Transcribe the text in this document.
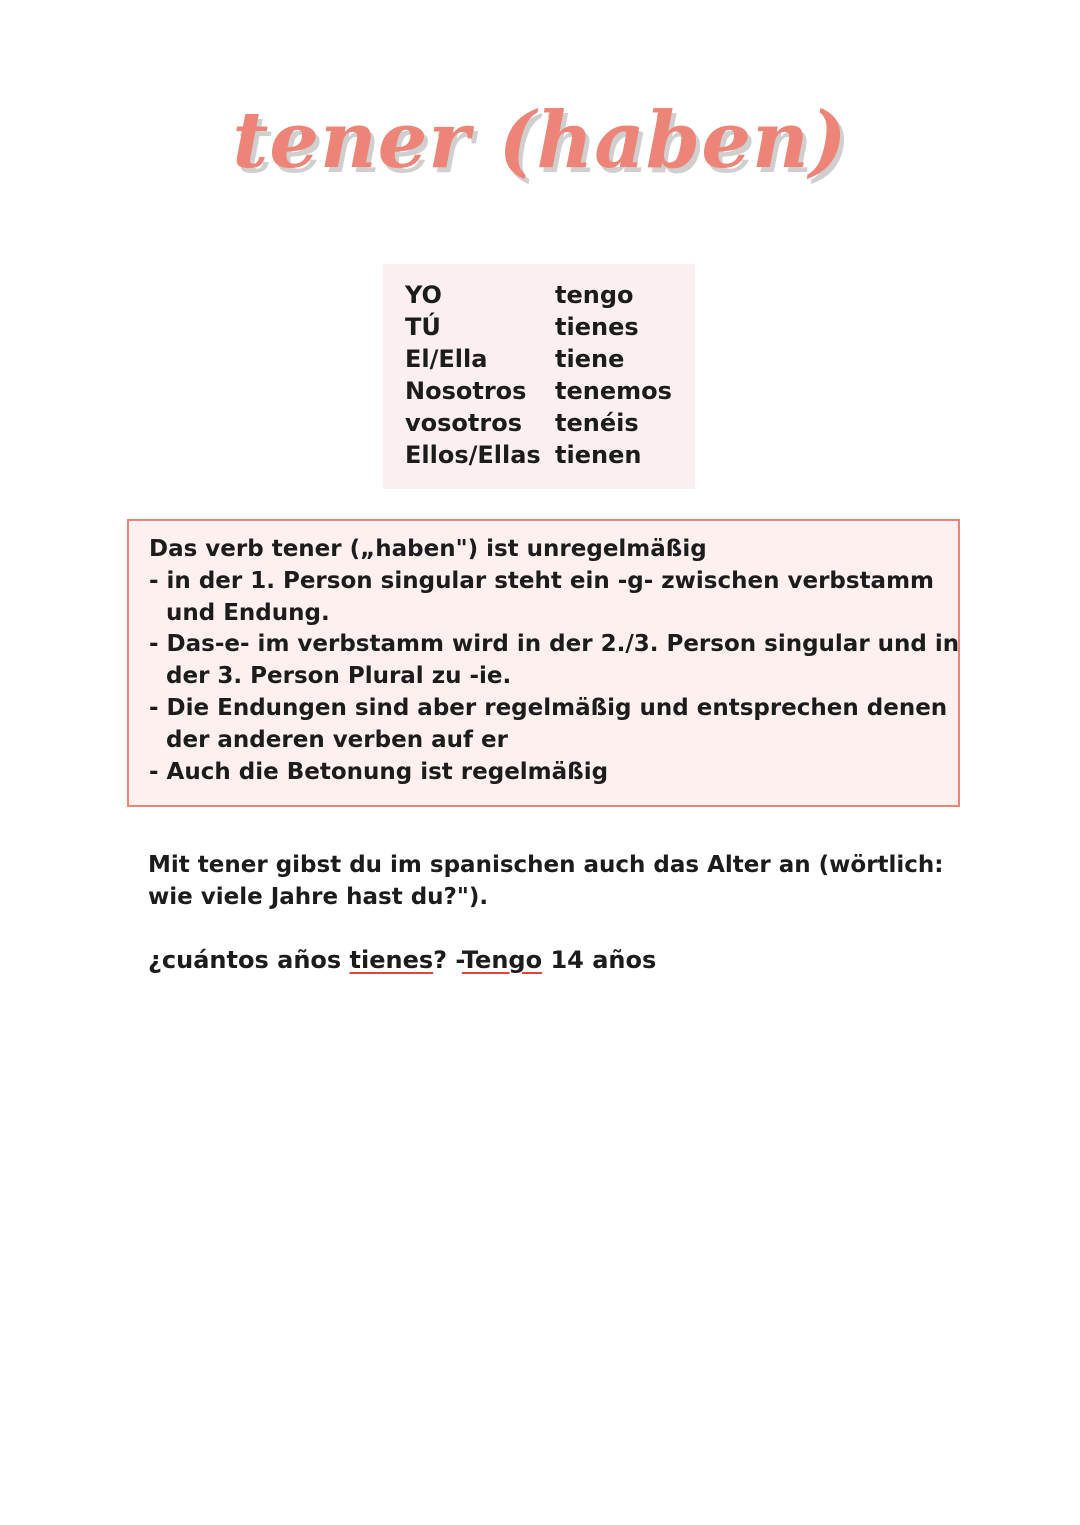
tener (haben)
YO	tengo
TÚ	tienes
El/Ella	tiene
Nosotros	tenemos
vosotros	tenéis
Ellos/Ellas tienen
Das verb tener („haben") ist unregelmäßig
- in der 1. Person singular steht ein -g- zwischen verbstamm
und Endung.
- Das-e- im verbstamm wird in der 2./3. Person singular und in
der 3. Person Plural zu -ie.
- Die Endungen sind aber regelmäßig und entsprechen denen
der anderen verben auf er
- Auch die Betonung ist regelmäßig
Mit tener gibst du im spanischen auch das Alter an (wörtlich:
wie viele Jahre hast du?").
¿cuántos años tienes? -Tengo 14 años
